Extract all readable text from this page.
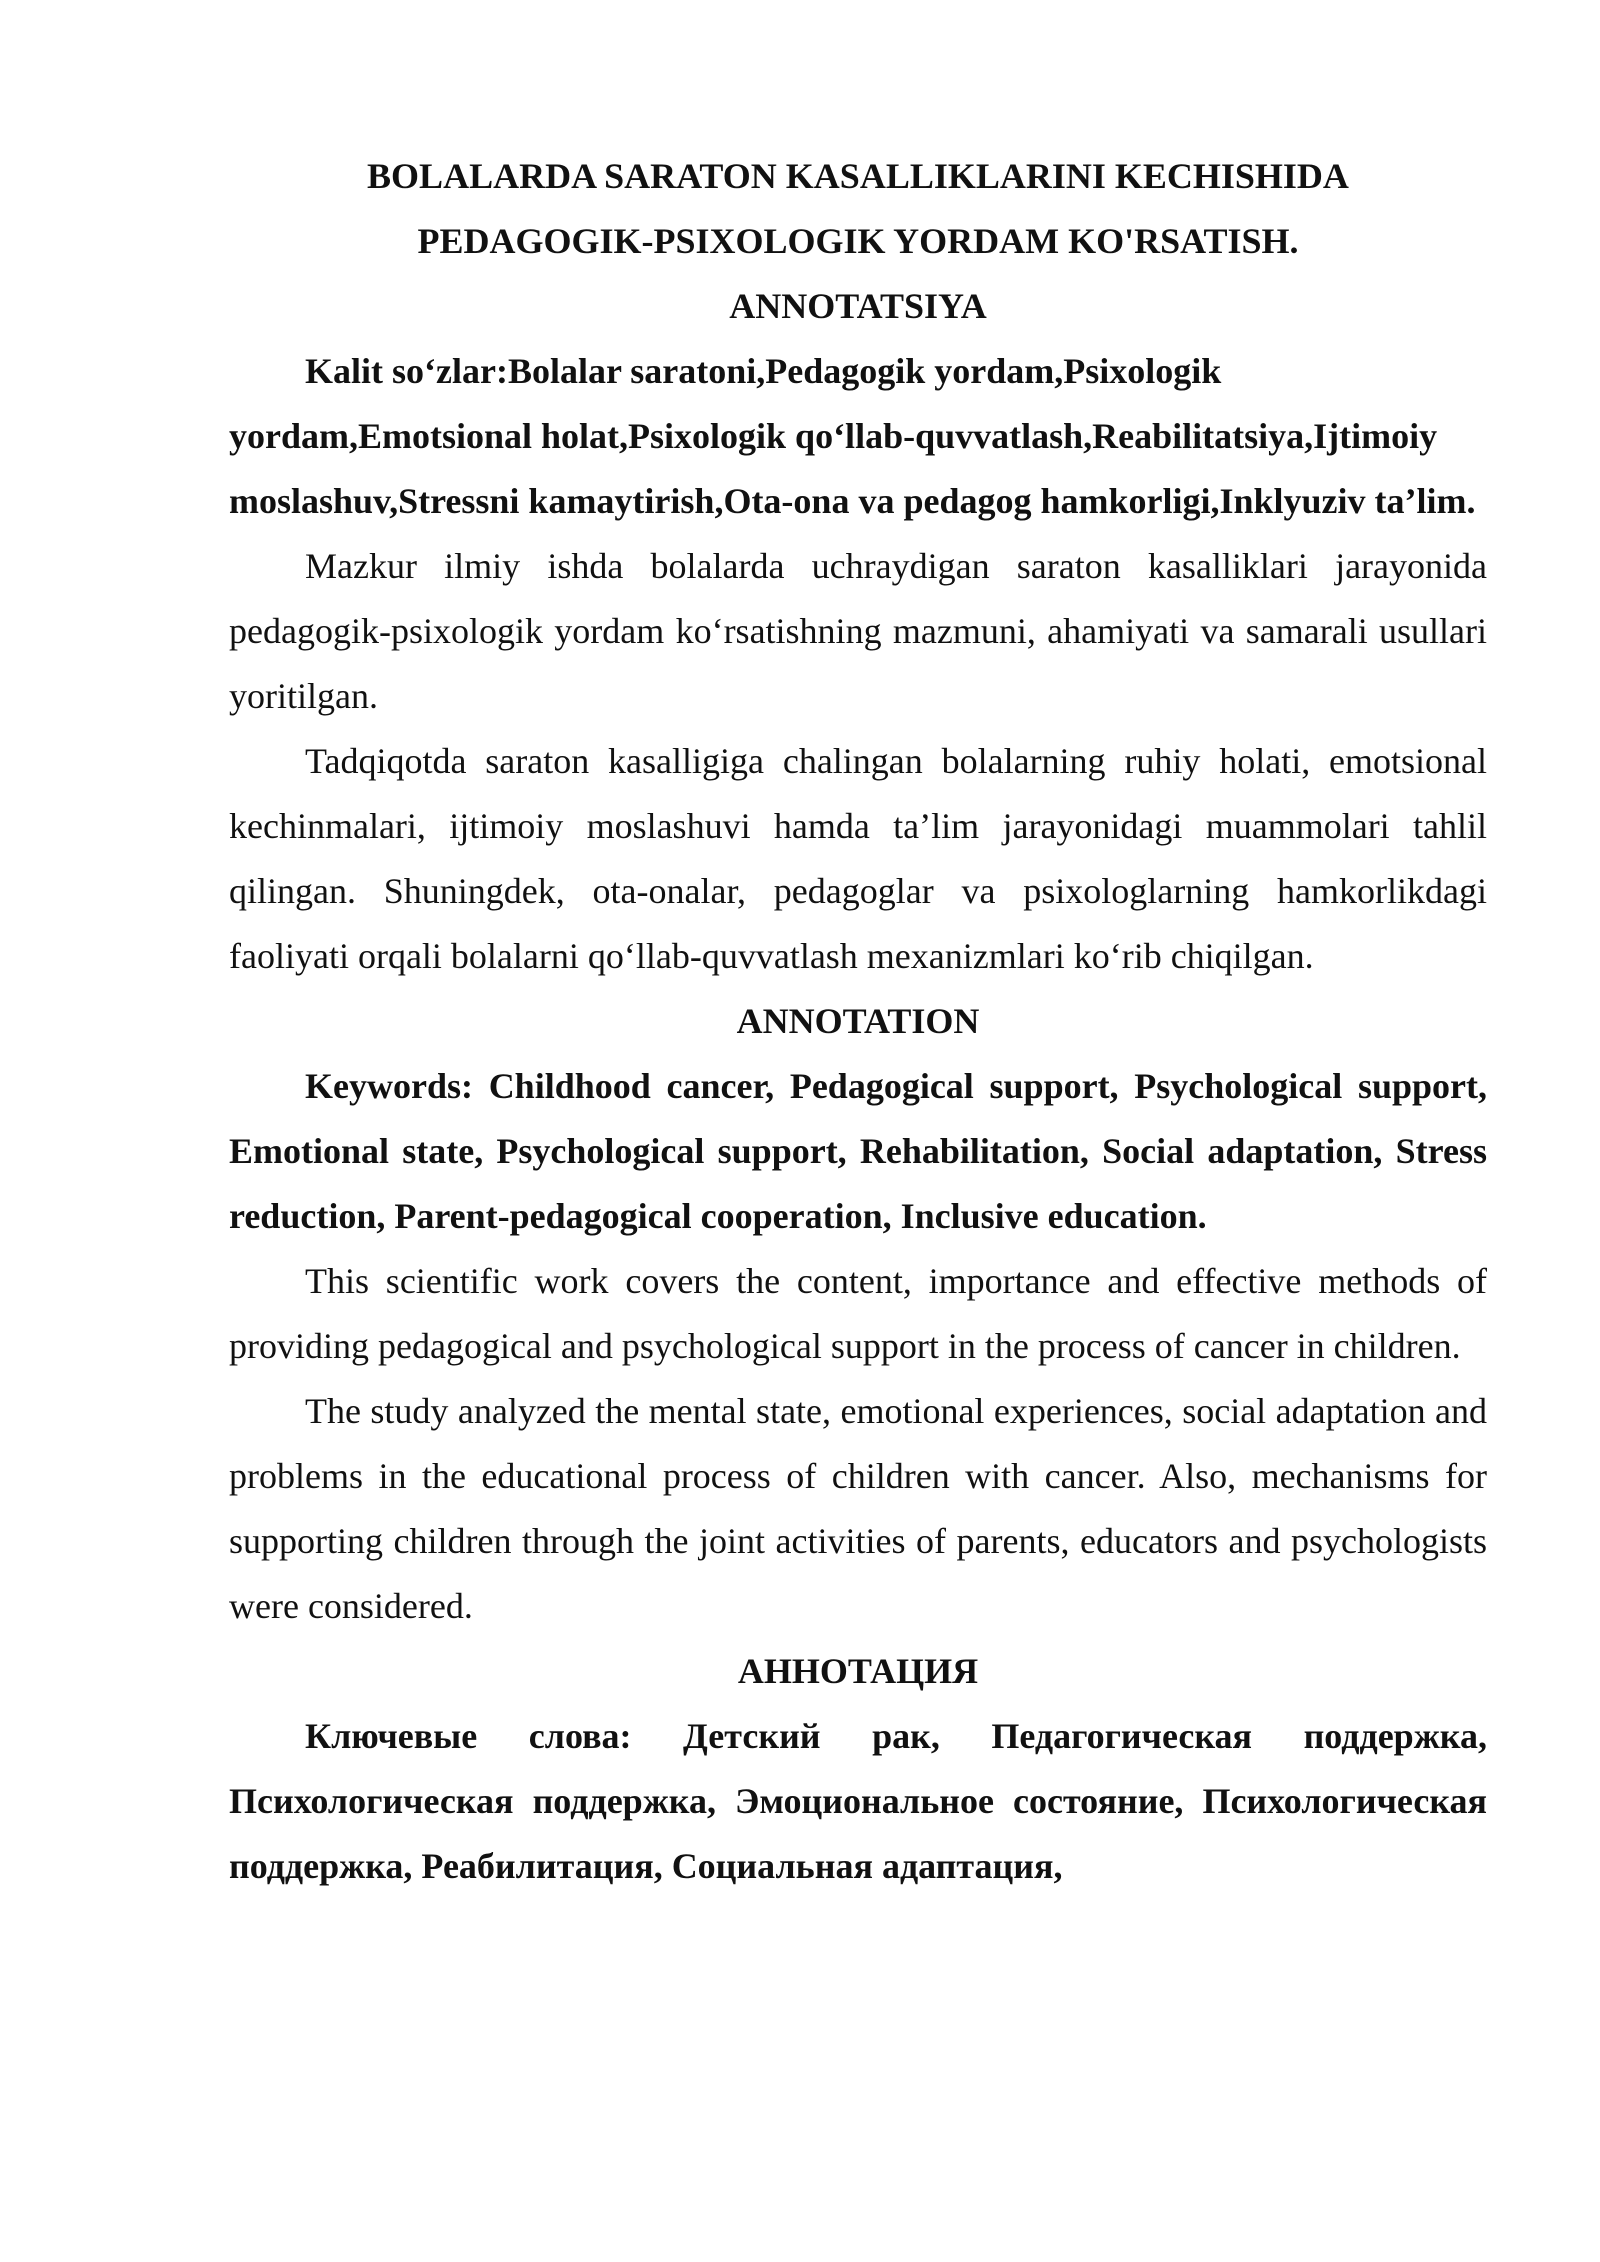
BOLALARDA SARATON KASALLIKLARINI KECHISHIDA
PEDAGOGIK-PSIXOLOGIK YORDAM KO'RSATISH.
ANNOTATSIYA

Kalit so‘zlar:Bolalar saratoni,Pedagogik yordam,Psixologik yordam,Emotsional holat,Psixologik qo‘llab-quvvatlash,Reabilitatsiya,Ijtimoiy moslashuv,Stressni kamaytirish,Ota-ona va pedagog hamkorligi,Inklyuziv ta’lim.

Mazkur ilmiy ishda bolalarda uchraydigan saraton kasalliklari jarayonida pedagogik-psixologik yordam ko‘rsatishning mazmuni, ahamiyati va samarali usullari yoritilgan.

Tadqiqotda saraton kasalligiga chalingan bolalarning ruhiy holati, emotsional kechinmalari, ijtimoiy moslashuvi hamda ta’lim jarayonidagi muammolari tahlil qilingan. Shuningdek, ota-onalar, pedagoglar va psixologlarning hamkorlikdagi faoliyati orqali bolalarni qo‘llab-quvvatlash mexanizmlari ko‘rib chiqilgan.

ANNOTATION

Keywords: Childhood cancer, Pedagogical support, Psychological support, Emotional state, Psychological support, Rehabilitation, Social adaptation, Stress reduction, Parent-pedagogical cooperation, Inclusive education.

This scientific work covers the content, importance and effective methods of providing pedagogical and psychological support in the process of cancer in children.

The study analyzed the mental state, emotional experiences, social adaptation and problems in the educational process of children with cancer. Also, mechanisms for supporting children through the joint activities of parents, educators and psychologists were considered.

АННОТАЦИЯ

Ключевые слова: Детский рак, Педагогическая поддержка, Психологическая поддержка, Эмоциональное состояние, Психологическая поддержка, Реабилитация, Социальная адаптация,
